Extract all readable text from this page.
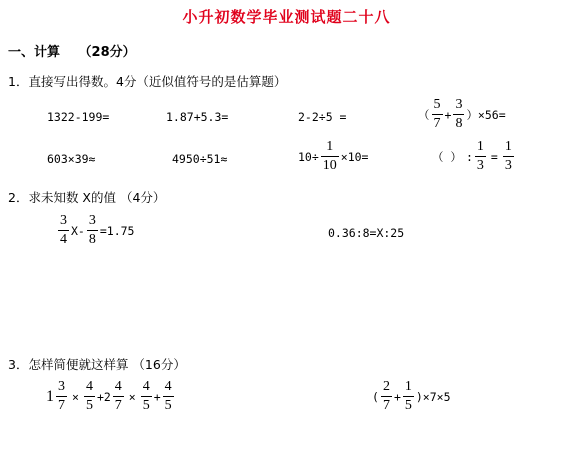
小升初数学毕业测试题二十八
一、计算 （28分）
1．直接写出得数。4分（近似值符号的是估算题）
1322-199=	1.87+5.3=	2-2÷5 =	（ $\frac{5}{7} + \frac{3}{8} )\times 56=$
603×39≈	4950÷51≈	$10\div \frac{1}{10} \times 10=$	（ ） : $\frac{1}{3} = \frac{1}{3}$
2．求未知数 X的值 （4分）
$\frac{3}{4} X- \frac{3}{8} =1.75$	0.36:8=X:25
3．怎样简便就这样算 （16分）
$1 \frac{3}{7} \times \frac{4}{5} +2 \frac{4}{7} \times \frac{4}{5} + \frac{4}{5}$	( $\frac{2}{7} + \frac{1}{5} )\times 7\times 5$
